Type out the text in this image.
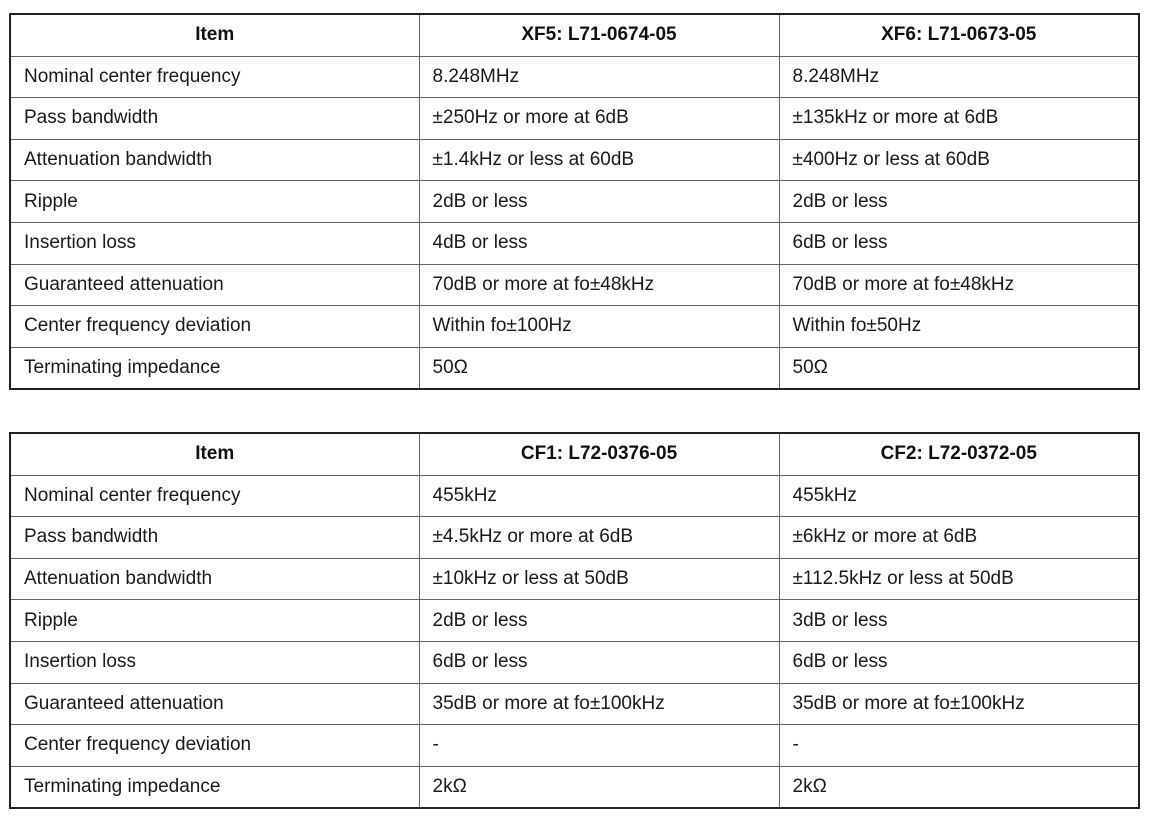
Item	XF5: L71-0674-05	XF6: L71-0673-05
Nominal center frequency	8.248MHz	8.248MHz
Pass bandwidth	±250Hz or more at 6dB	±135kHz or more at 6dB
Attenuation bandwidth	±1.4kHz or less at 60dB	±400Hz or less at 60dB
Ripple	2dB or less	2dB or less
Insertion loss	4dB or less	6dB or less
Guaranteed attenuation	70dB or more at fo±48kHz	70dB or more at fo±48kHz
Center frequency deviation	Within fo±100Hz	Within fo±50Hz
Terminating impedance	50Ω	50Ω
Item	CF1: L72-0376-05	CF2: L72-0372-05
Nominal center frequency	455kHz	455kHz
Pass bandwidth	±4.5kHz or more at 6dB	±6kHz or more at 6dB
Attenuation bandwidth	±10kHz or less at 50dB	±112.5kHz or less at 50dB
Ripple	2dB or less	3dB or less
Insertion loss	6dB or less	6dB or less
Guaranteed attenuation	35dB or more at fo±100kHz	35dB or more at fo±100kHz
Center frequency deviation	-	-
Terminating impedance	2kΩ	2kΩ
